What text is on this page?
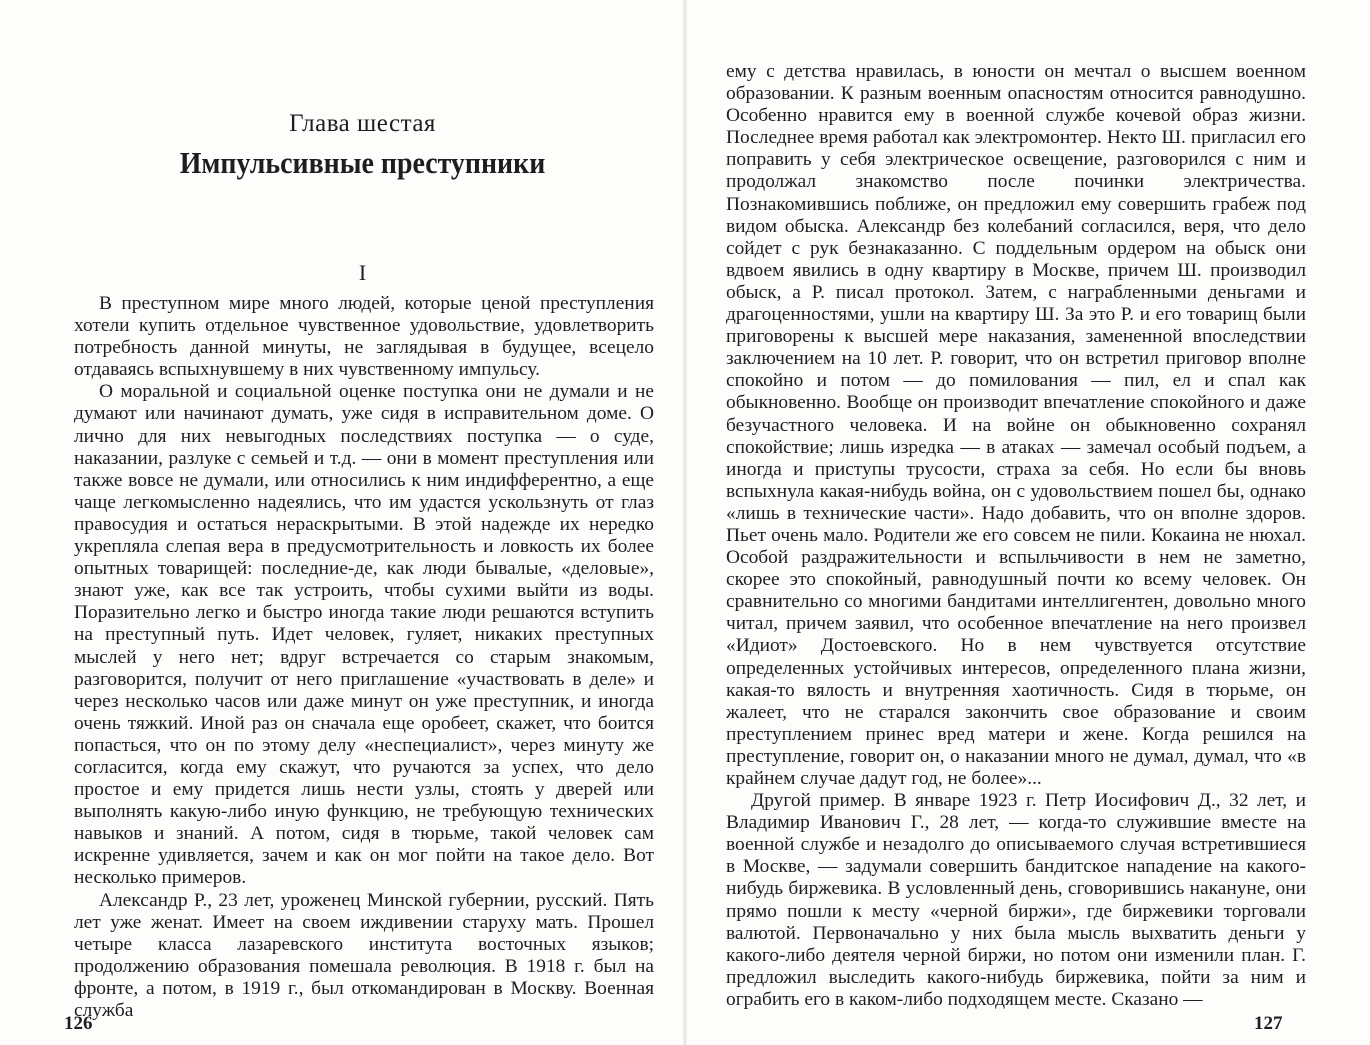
Глава шестая
Импульсивные преступники
I

В преступном мире много людей, которые ценой преступления хотели купить отдельное чувственное удовольствие, удовлетворить потребность данной минуты, не заглядывая в будущее, всецело отдаваясь вспыхнувшему в них чувственному импульсу.

О моральной и социальной оценке поступка они не думали и не думают или начинают думать, уже сидя в исправительном доме. О лично для них невыгодных последствиях поступка — о суде, наказании, разлуке с семьей и т.д. — они в момент преступления или также вовсе не думали, или относились к ним индифферентно, а еще чаще легкомысленно надеялись, что им удастся ускользнуть от глаз правосудия и остаться нераскрытыми. В этой надежде их нередко укрепляла слепая вера в предусмотрительность и ловкость их более опытных товарищей: последние-де, как люди бывалые, «деловые», знают уже, как все так устроить, чтобы сухими выйти из воды. Поразительно легко и быстро иногда такие люди решаются вступить на преступный путь. Идет человек, гуляет, никаких преступных мыслей у него нет; вдруг встречается со старым знакомым, разговорится, получит от него приглашение «участвовать в деле» и через несколько часов или даже минут он уже преступник, и иногда очень тяжкий. Иной раз он сначала еще оробеет, скажет, что боится попасться, что он по этому делу «неспециалист», через минуту же согласится, когда ему скажут, что ручаются за успех, что дело простое и ему придется лишь нести узлы, стоять у дверей или выполнять какую-либо иную функцию, не требующую технических навыков и знаний. А потом, сидя в тюрьме, такой человек сам искренне удивляется, зачем и как он мог пойти на такое дело. Вот несколько примеров.

Александр Р., 23 лет, уроженец Минской губернии, русский. Пять лет уже женат. Имеет на своем иждивении старуху мать. Прошел четыре класса лазаревского института восточных языков; продолжению образования помешала революция. В 1918 г. был на фронте, а потом, в 1919 г., был откомандирован в Москву. Военная служба

126

ему с детства нравилась, в юности он мечтал о высшем военном образовании. К разным военным опасностям относится равнодушно. Особенно нравится ему в военной службе кочевой образ жизни. Последнее время работал как электромонтер. Некто Ш. пригласил его поправить у себя электрическое освещение, разговорился с ним и продолжал знакомство после починки электричества. Познакомившись поближе, он предложил ему совершить грабеж под видом обыска. Александр без колебаний согласился, веря, что дело сойдет с рук безнаказанно. С поддельным ордером на обыск они вдвоем явились в одну квартиру в Москве, причем Ш. производил обыск, а Р. писал протокол. Затем, с награбленными деньгами и драгоценностями, ушли на квартиру Ш. За это Р. и его товарищ были приговорены к высшей мере наказания, замененной впоследствии заключением на 10 лет. Р. говорит, что он встретил приговор вполне спокойно и потом — до помилования — пил, ел и спал как обыкновенно. Вообще он производит впечатление спокойного и даже безучастного человека. И на войне он обыкновенно сохранял спокойствие; лишь изредка — в атаках — замечал особый подъем, а иногда и приступы трусости, страха за себя. Но если бы вновь вспыхнула какая-нибудь война, он с удовольствием пошел бы, однако «лишь в технические части». Надо добавить, что он вполне здоров. Пьет очень мало. Родители же его совсем не пили. Кокаина не нюхал. Особой раздражительности и вспыльчивости в нем не заметно, скорее это спокойный, равнодушный почти ко всему человек. Он сравнительно со многими бандитами интеллигентен, довольно много читал, причем заявил, что особенное впечатление на него произвел «Идиот» Достоевского. Но в нем чувствуется отсутствие определенных устойчивых интересов, определенного плана жизни, какая-то вялость и внутренняя хаотичность. Сидя в тюрьме, он жалеет, что не старался закончить свое образование и своим преступлением принес вред матери и жене. Когда решился на преступление, говорит он, о наказании много не думал, думал, что «в крайнем случае дадут год, не более»...

Другой пример. В январе 1923 г. Петр Иосифович Д., 32 лет, и Владимир Иванович Г., 28 лет, — когда-то служившие вместе на военной службе и незадолго до описываемого случая встретившиеся в Москве, — задумали совершить бандитское нападение на какого-нибудь биржевика. В условленный день, сговорившись накануне, они прямо пошли к месту «черной биржи», где биржевики торговали валютой. Первоначально у них была мысль выхватить деньги у какого-либо деятеля черной биржи, но потом они изменили план. Г. предложил выследить какого-нибудь биржевика, пойти за ним и ограбить его в каком-либо подходящем месте. Сказано —

127
